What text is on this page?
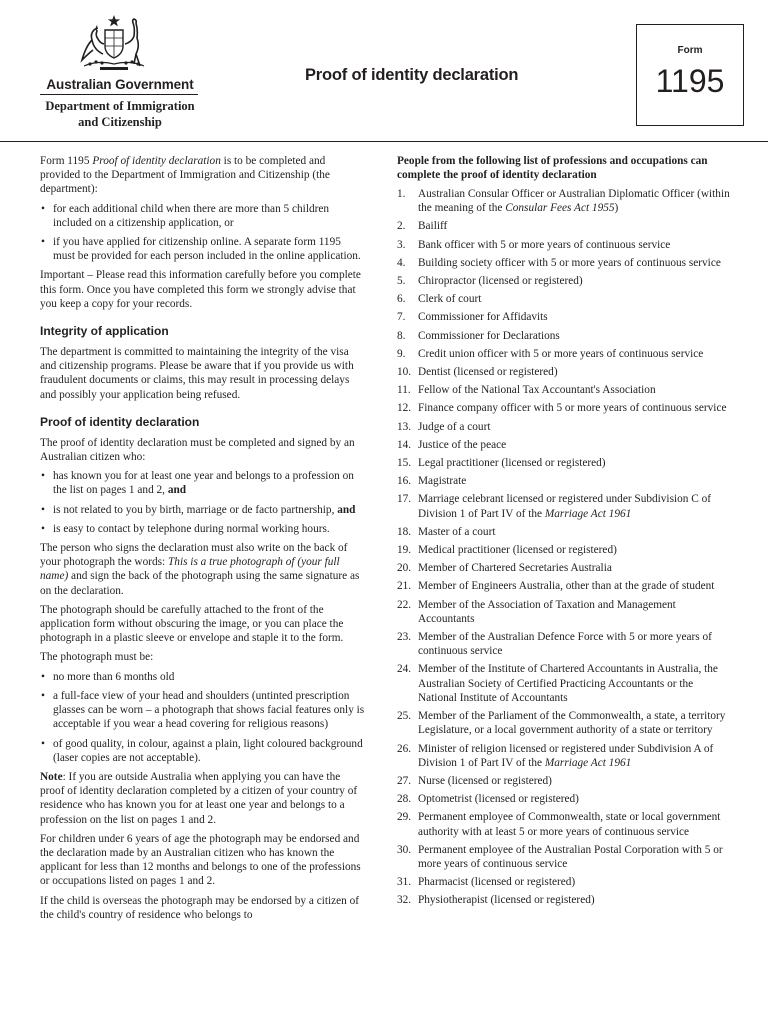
Australian Government
Department of Immigration
and Citizenship
Proof of identity declaration
Form
1195

Form 1195 Proof of identity declaration is to be completed and provided to the Department of Immigration and Citizenship (the department):

• for each additional child when there are more than 5 children included on a citizenship application, or
• if you have applied for citizenship online. A separate form 1195 must be provided for each person included in the online application.

Important – Please read this information carefully before you complete this form. Once you have completed this form we strongly advise that you keep a copy for your records.

Integrity of application

The department is committed to maintaining the integrity of the visa and citizenship programs. Please be aware that if you provide us with fraudulent documents or claims, this may result in processing delays and possibly your application being refused.

Proof of identity declaration

The proof of identity declaration must be completed and signed by an Australian citizen who:

• has known you for at least one year and belongs to a profession on the list on pages 1 and 2, and
• is not related to you by birth, marriage or de facto partnership, and
• is easy to contact by telephone during normal working hours.

The person who signs the declaration must also write on the back of your photograph the words: This is a true photograph of (your full name) and sign the back of the photograph using the same signature as on the declaration.

The photograph should be carefully attached to the front of the application form without obscuring the image, or you can place the photograph in a plastic sleeve or envelope and staple it to the form.

The photograph must be:

• no more than 6 months old
• a full-face view of your head and shoulders (untinted prescription glasses can be worn – a photograph that shows facial features only is acceptable if you wear a head covering for religious reasons)
• of good quality, in colour, against a plain, light coloured background (laser copies are not acceptable).

Note: If you are outside Australia when applying you can have the proof of identity declaration completed by a citizen of your country of residence who has known you for at least one year and belongs to a profession on the list on pages 1 and 2.

For children under 6 years of age the photograph may be endorsed and the declaration made by an Australian citizen who has known the applicant for less than 12 months and belongs to one of the professions or occupations listed on pages 1 and 2.

If the child is overseas the photograph may be endorsed by a citizen of the child's country of residence who belongs to

People from the following list of professions and occupations can complete the proof of identity declaration
1. Australian Consular Officer or Australian Diplomatic Officer (within the meaning of the Consular Fees Act 1955)
2. Bailiff
3. Bank officer with 5 or more years of continuous service
4. Building society officer with 5 or more years of continuous service
5. Chiropractor (licensed or registered)
6. Clerk of court
7. Commissioner for Affidavits
8. Commissioner for Declarations
9. Credit union officer with 5 or more years of continuous service
10. Dentist (licensed or registered)
11. Fellow of the National Tax Accountant's Association
12. Finance company officer with 5 or more years of continuous service
13. Judge of a court
14. Justice of the peace
15. Legal practitioner (licensed or registered)
16. Magistrate
17. Marriage celebrant licensed or registered under Subdivision C of Division 1 of Part IV of the Marriage Act 1961
18. Master of a court
19. Medical practitioner (licensed or registered)
20. Member of Chartered Secretaries Australia
21. Member of Engineers Australia, other than at the grade of student
22. Member of the Association of Taxation and Management Accountants
23. Member of the Australian Defence Force with 5 or more years of continuous service
24. Member of the Institute of Chartered Accountants in Australia, the Australian Society of Certified Practicing Accountants or the National Institute of Accountants
25. Member of the Parliament of the Commonwealth, a state, a territory Legislature, or a local government authority of a state or territory
26. Minister of religion licensed or registered under Subdivision A of Division 1 of Part IV of the Marriage Act 1961
27. Nurse (licensed or registered)
28. Optometrist (licensed or registered)
29. Permanent employee of Commonwealth, state or local government authority with at least 5 or more years of continuous service
30. Permanent employee of the Australian Postal Corporation with 5 or more years of continuous service
31. Pharmacist (licensed or registered)
32. Physiotherapist (licensed or registered)
